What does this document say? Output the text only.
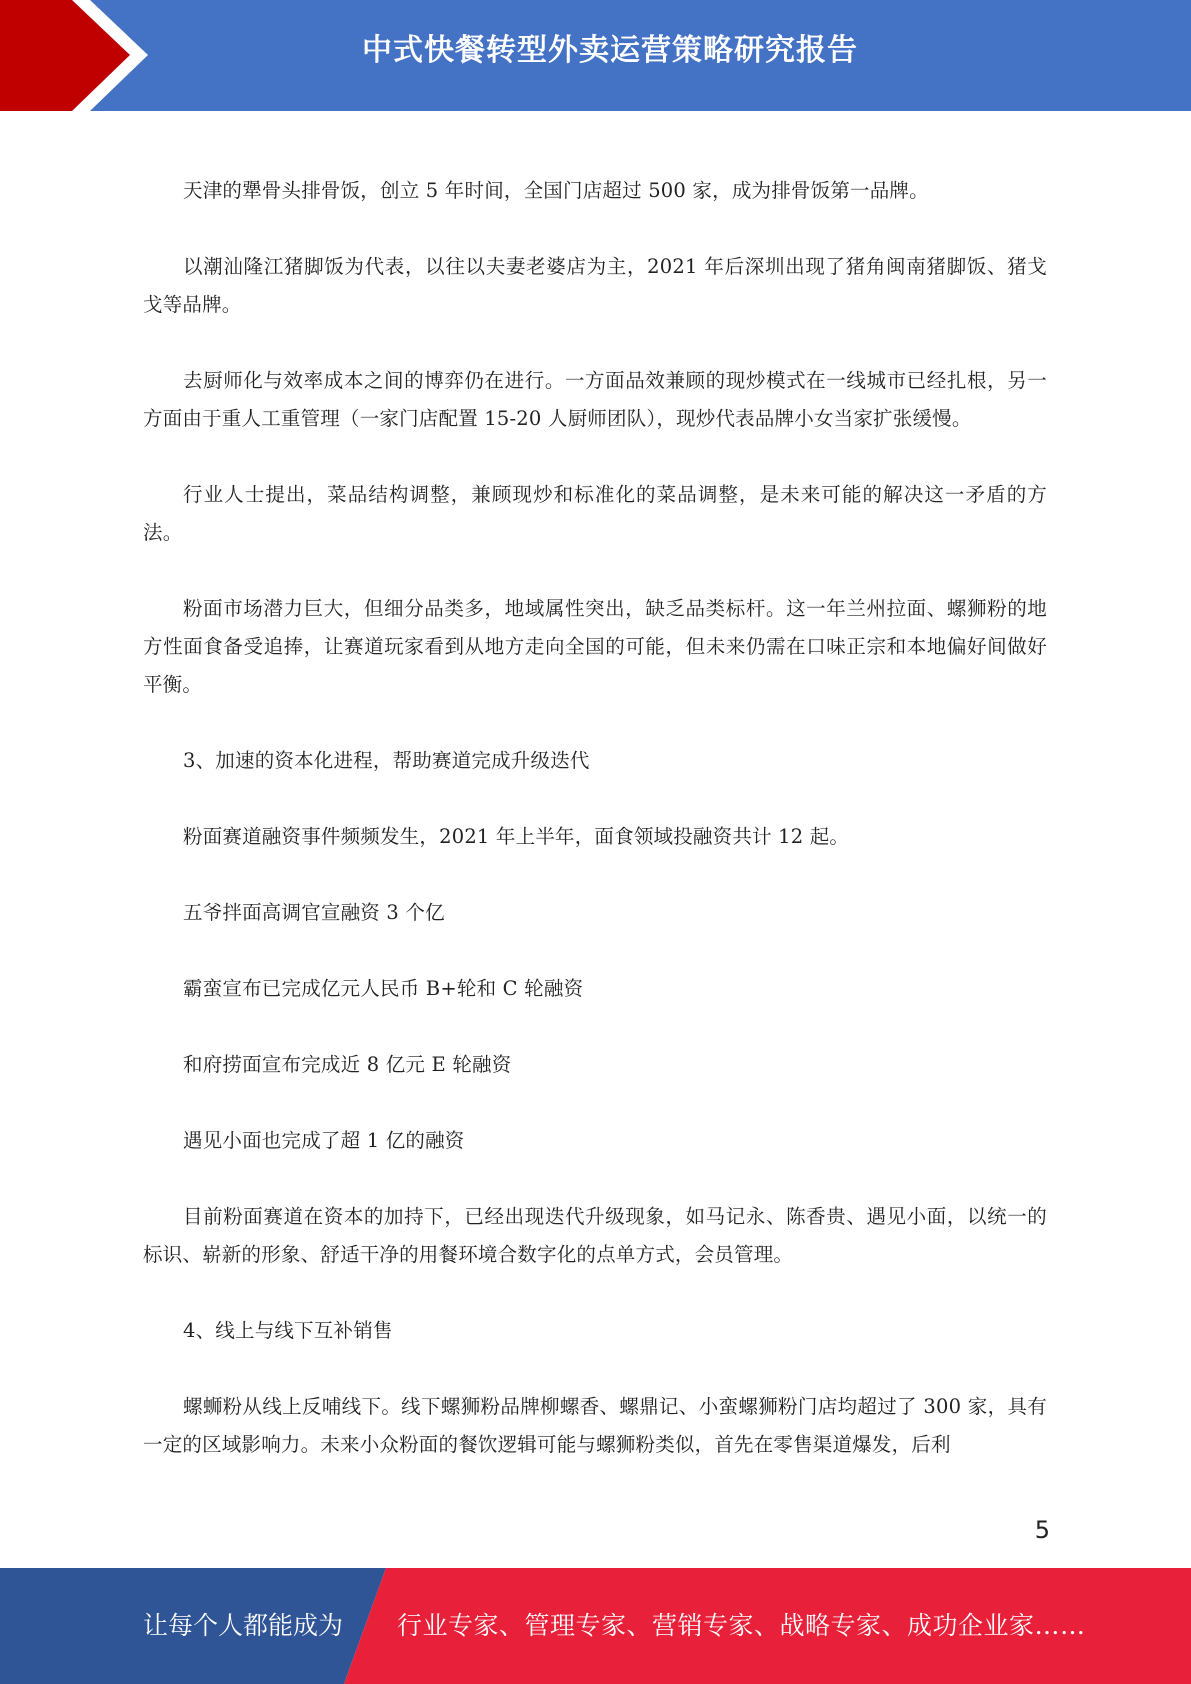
中式快餐转型外卖运营策略研究报告

天津的犟骨头排骨饭，创立 5 年时间，全国门店超过 500 家，成为排骨饭第一品牌。

以潮汕隆江猪脚饭为代表，以往以夫妻老婆店为主，2021 年后深圳出现了猪角闽南猪脚饭、猪戈戈等品牌。

去厨师化与效率成本之间的博弈仍在进行。一方面品效兼顾的现炒模式在一线城市已经扎根，另一方面由于重人工重管理（一家门店配置 15-20 人厨师团队），现炒代表品牌小女当家扩张缓慢。

行业人士提出，菜品结构调整，兼顾现炒和标准化的菜品调整，是未来可能的解决这一矛盾的方法。

粉面市场潜力巨大，但细分品类多，地域属性突出，缺乏品类标杆。这一年兰州拉面、螺狮粉的地方性面食备受追捧，让赛道玩家看到从地方走向全国的可能，但未来仍需在口味正宗和本地偏好间做好平衡。

3、加速的资本化进程，帮助赛道完成升级迭代

粉面赛道融资事件频频发生，2021 年上半年，面食领域投融资共计 12 起。

五爷拌面高调官宣融资 3 个亿

霸蛮宣布已完成亿元人民币 B+轮和 C 轮融资

和府捞面宣布完成近 8 亿元 E 轮融资

遇见小面也完成了超 1 亿的融资

目前粉面赛道在资本的加持下，已经出现迭代升级现象，如马记永、陈香贵、遇见小面，以统一的标识、崭新的形象、舒适干净的用餐环境合数字化的点单方式，会员管理。

4、线上与线下互补销售

螺蛳粉从线上反哺线下。线下螺狮粉品牌柳螺香、螺鼎记、小蛮螺狮粉门店均超过了 300 家，具有一定的区域影响力。未来小众粉面的餐饮逻辑可能与螺狮粉类似，首先在零售渠道爆发，后利

5
让每个人都能成为 行业专家、管理专家、营销专家、战略专家、成功企业家……
